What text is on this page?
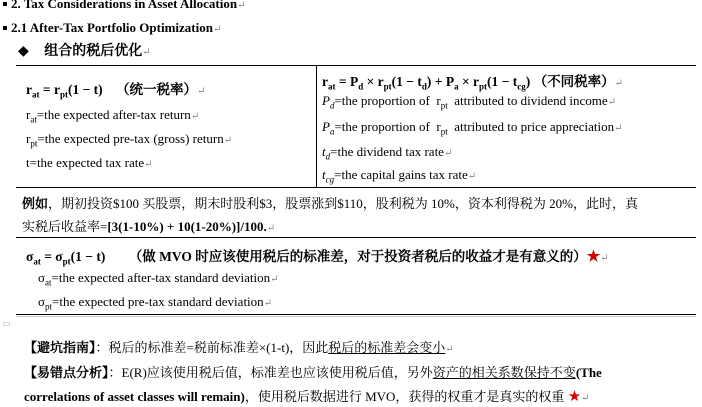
2. Tax Considerations in Asset Allocation↵
2.1 After-Tax Portfolio Optimization↵
◆ 组合的税后优化↵
▭
$r_{at} = r_{pt}(1 - t)$ （统一税率）↵
$r_{at}=the$ expected after-tax return↵
$r_{pt}=the$ expected pre-tax (gross) return↵
t=the expected tax rate↵
$r_{at} = P_d \times r_{pt}(1 - t_d) + P_a \times r_{pt}(1 - t_{cg})$ （不同税率）↵
$P_d=the$ proportion of  $r_{pt}$  attributed to dividend income↵
$P_a=the$ proportion of  $r_{pt}$  attributed to price appreciation↵
$t_d=the$ dividend tax rate↵
$t_{cg}=the$ capital gains tax rate↵
例如，期初投资$100 买股票，期末时股利$3，股票涨到$110，股利税为 10%，资本利得税为 20%，此时，真
实税后收益率=[3(1-10%) + 10(1-20%)]/100.↵
$\sigma_{at} = \sigma_{pt}(1 - t)$ （做 MVO 时应该使用税后的标准差，对于投资者税后的收益才是有意义的）★↵
$\sigma_{at}=the$ expected after-tax standard deviation↵
$\sigma_{pt}=the$ expected pre-tax standard deviation↵
【避坑指南】：税后的标准差=税前标准差×(1-t)，因此税后的标准差会变小↵
【易错点分析】：E(R)应该使用税后值，标准差也应该使用税后值，另外资产的相关系数保持不变(The
correlations of asset classes will remain)，使用税后数据进行 MVO，获得的权重才是真实的权重 ★↵
